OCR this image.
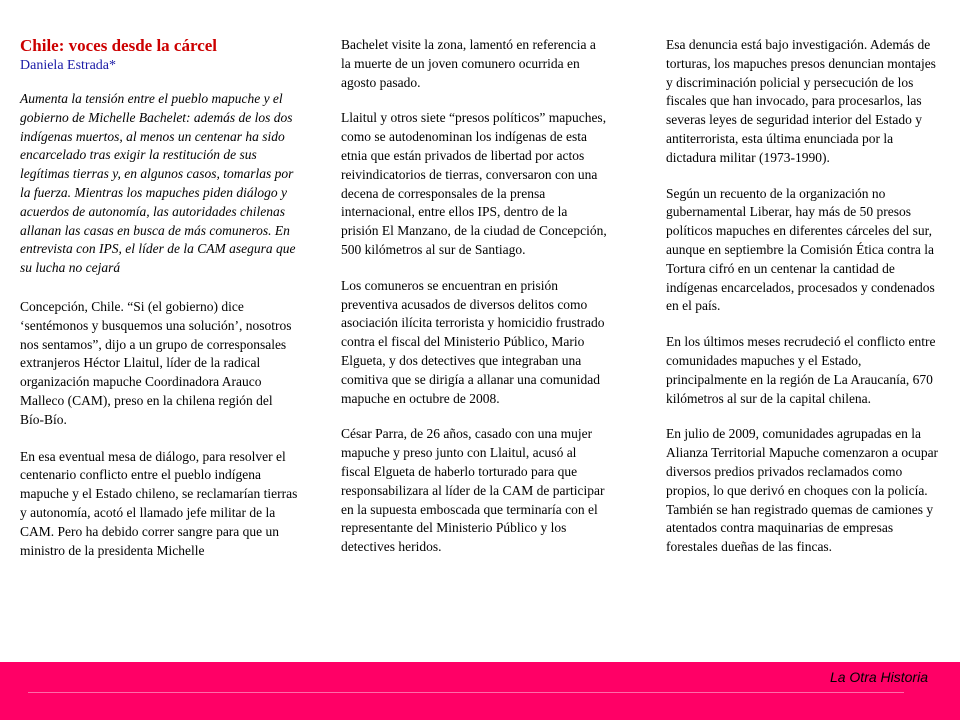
Chile: voces desde la cárcel

Daniela Estrada*

Aumenta la tensión entre el pueblo mapuche y el gobierno de Michelle Bachelet: además de los dos indígenas muertos, al menos un centenar ha sido encarcelado tras exigir la restitución de sus legítimas tierras y, en algunos casos, tomarlas por la fuerza. Mientras los mapuches piden diálogo y acuerdos de autonomía, las autoridades chilenas allanan las casas en busca de más comuneros. En entrevista con IPS, el líder de la CAM asegura que su lucha no cejará

Concepción, Chile. “Si (el gobierno) dice ‘sentémonos y busquemos una solución’, nosotros nos sentamos”, dijo a un grupo de corresponsales extranjeros Héctor Llaitul, líder de la radical organización mapuche Coordinadora Arauco Malleco (CAM), preso en la chilena región del Bío-Bío.

En esa eventual mesa de diálogo, para resolver el centenario conflicto entre el pueblo indígena mapuche y el Estado chileno, se reclamarían tierras y autonomía, acotó el llamado jefe militar de la CAM. Pero ha debido correr sangre para que un ministro de la presidenta Michelle

Bachelet visite la zona, lamentó en referencia a la muerte de un joven comunero ocurrida en agosto pasado.

Llaitul y otros siete “presos políticos” mapuches, como se autodenominan los indígenas de esta etnia que están privados de libertad por actos reivindicatorios de tierras, conversaron con una decena de corresponsales de la prensa internacional, entre ellos IPS, dentro de la prisión El Manzano, de la ciudad de Concepción, 500 kilómetros al sur de Santiago.

Los comuneros se encuentran en prisión preventiva acusados de diversos delitos como asociación ilícita terrorista y homicidio frustrado contra el fiscal del Ministerio Público, Mario Elgueta, y dos detectives que integraban una comitiva que se dirigía a allanar una comunidad mapuche en octubre de 2008.

César Parra, de 26 años, casado con una mujer mapuche y preso junto con Llaitul, acusó al fiscal Elgueta de haberlo torturado para que responsabilizara al líder de la CAM de participar en la supuesta emboscada que terminaría con el representante del Ministerio Público y los detectives heridos.

Esa denuncia está bajo investigación. Además de torturas, los mapuches presos denuncian montajes y discriminación policial y persecución de los fiscales que han invocado, para procesarlos, las severas leyes de seguridad interior del Estado y antiterrorista, esta última enunciada por la dictadura militar (1973-1990).

Según un recuento de la organización no gubernamental Liberar, hay más de 50 presos políticos mapuches en diferentes cárceles del sur, aunque en septiembre la Comisión Ética contra la Tortura cifró en un centenar la cantidad de indígenas encarcelados, procesados y condenados en el país.

En los últimos meses recrudeció el conflicto entre comunidades mapuches y el Estado, principalmente en la región de La Araucanía, 670 kilómetros al sur de la capital chilena.

En julio de 2009, comunidades agrupadas en la Alianza Territorial Mapuche comenzaron a ocupar diversos predios privados reclamados como propios, lo que derivó en choques con la policía. También se han registrado quemas de camiones y atentados contra maquinarias de empresas forestales dueñas de las fincas.

La Otra Historia
